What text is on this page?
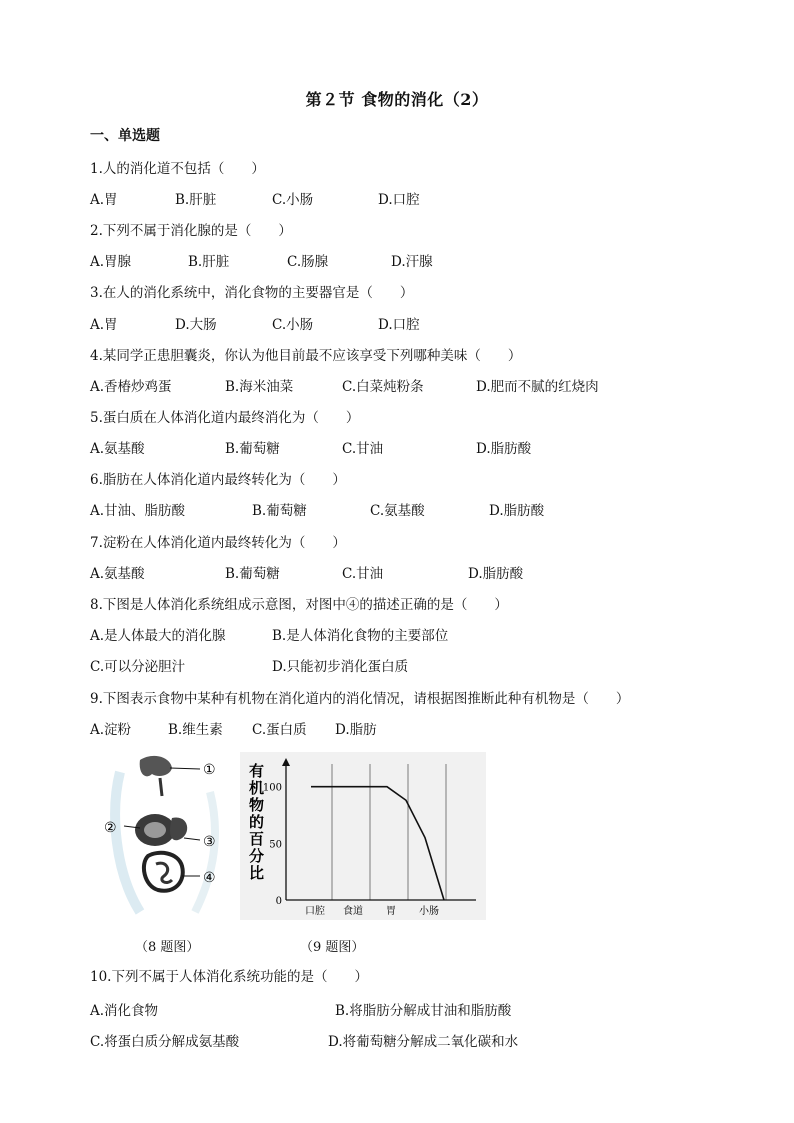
第２节 食物的消化（2）
一、单选题
1.人的消化道不包括（　　）
A.胃	B.肝脏	C.小肠	D.口腔
2.下列不属于消化腺的是（　　）
A.胃腺	B.肝脏	C.肠腺	D.汗腺
3.在人的消化系统中，消化食物的主要器官是（　　）
A.胃	D.大肠	C.小肠	D.口腔
4.某同学正患胆囊炎，你认为他目前最不应该享受下列哪种美味（　　）
A.香椿炒鸡蛋	B.海米油菜	C.白菜炖粉条	D.肥而不腻的红烧肉
5.蛋白质在人体消化道内最终消化为（　　）
A.氨基酸	B.葡萄糖	C.甘油	D.脂肪酸
6.脂肪在人体消化道内最终转化为（　　）
A.甘油、脂肪酸	B.葡萄糖	C.氨基酸	D.脂肪酸
7.淀粉在人体消化道内最终转化为（　　）
A.氨基酸	B.葡萄糖	C.甘油	D.脂肪酸
8.下图是人体消化系统组成示意图，对图中④的描述正确的是（　　）
A.是人体最大的消化腺	B.是人体消化食物的主要部位
C.可以分泌胆汁	D.只能初步消化蛋白质
9.下图表示食物中某种有机物在消化道内的消化情况，请根据图推断此种有机物是（　　）
A.淀粉	B.维生素 C.蛋白质 D.脂肪
①
②
③
④
有
机
物
的
百
分
比
0
50
100
口腔 食道 胃 小肠
（8 题图）	（9 题图）
10.下列不属于人体消化系统功能的是（　　）
A.消化食物	B.将脂肪分解成甘油和脂肪酸
C.将蛋白质分解成氨基酸	D.将葡萄糖分解成二氧化碳和水
